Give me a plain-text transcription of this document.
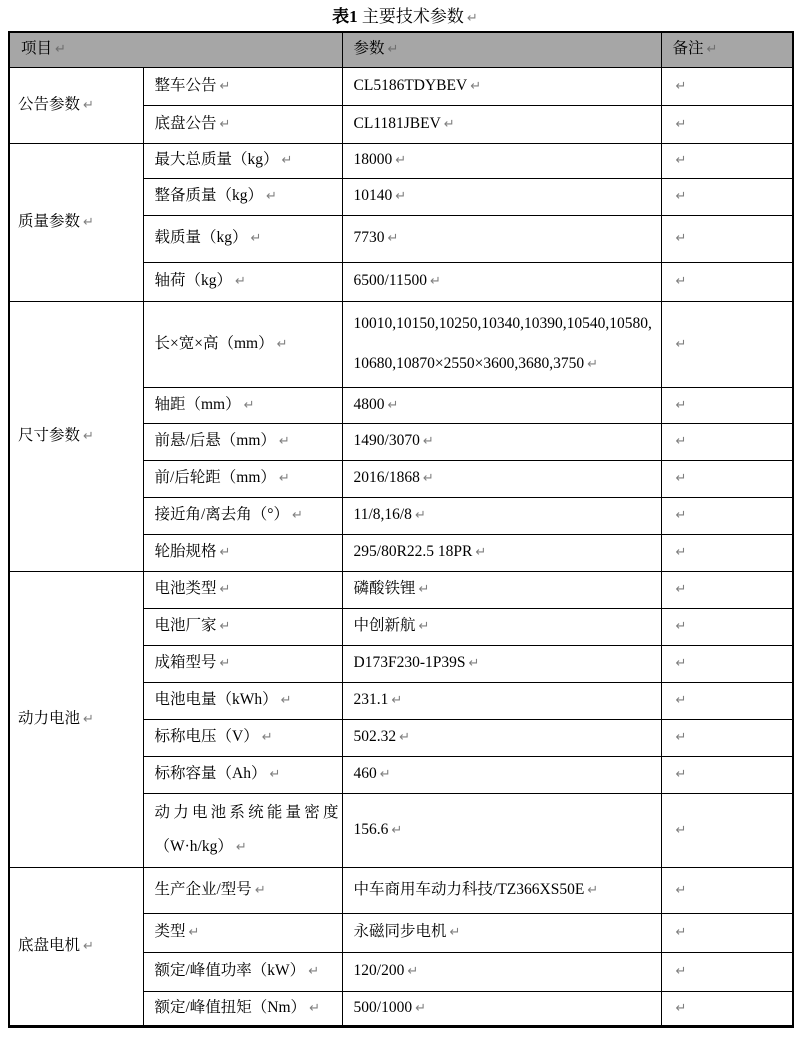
表1 主要技术参数 ↵
项目 ↵		参数 ↵	备注 ↵
公告参数 ↵	整车公告 ↵	CL5186TDYBEV ↵	↵
	底盘公告 ↵	CL1181JBEV ↵	↵
质量参数 ↵	最大总质量（kg） ↵	18000 ↵	↵
	整备质量（kg） ↵	10140 ↵	↵
	载质量（kg） ↵	7730 ↵	↵
	轴荷（kg） ↵	6500/11500 ↵	↵
尺寸参数 ↵	长×宽×高（mm） ↵	10010,10150,10250,10340,10390,10540,10580,10680,10870×2550×3600,3680,3750 ↵	↵
	轴距（mm） ↵	4800 ↵	↵
	前悬/后悬（mm） ↵	1490/3070 ↵	↵
	前/后轮距（mm） ↵	2016/1868 ↵	↵
	接近角/离去角（°） ↵	11/8,16/8 ↵	↵
	轮胎规格 ↵	295/80R22.5 18PR ↵	↵
动力电池 ↵	电池类型 ↵	磷酸铁锂 ↵	↵
	电池厂家 ↵	中创新航 ↵	↵
	成箱型号 ↵	D173F230-1P39S ↵	↵
	电池电量（kWh） ↵	231.1 ↵	↵
	标称电压（V） ↵	502.32 ↵	↵
	标称容量（Ah） ↵	460 ↵	↵

	动力电池系统能量密度
（W·h/kg） ↵	156.6 ↵	↵
底盘电机 ↵	生产企业/型号 ↵	中车商用车动力科技/TZ366XS50E ↵	↵
	类型 ↵	永磁同步电机 ↵	↵
	额定/峰值功率（kW） ↵	120/200 ↵	↵
	额定/峰值扭矩（Nm） ↵	500/1000 ↵	↵
